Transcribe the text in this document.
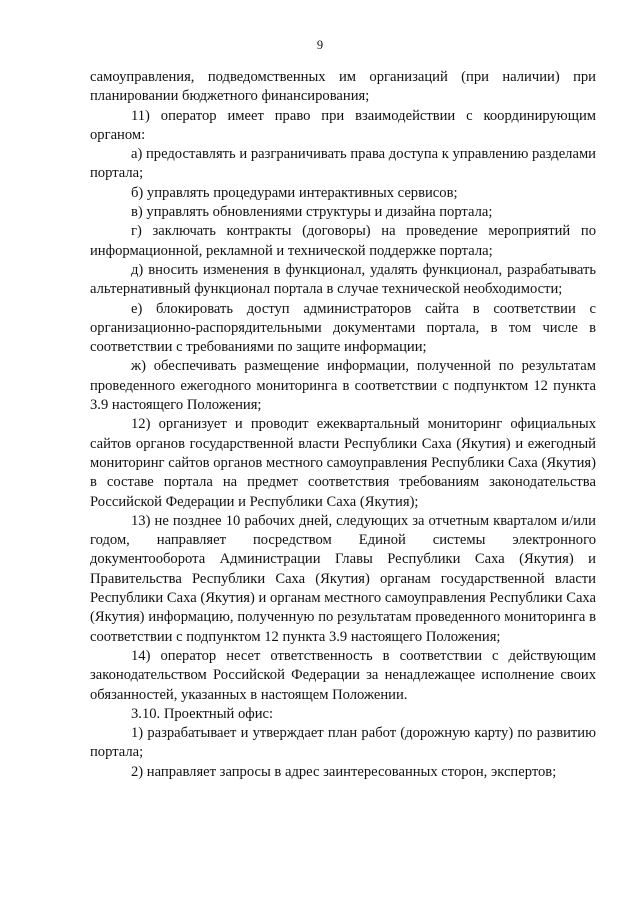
9

самоуправления, подведомственных им организаций (при наличии) при планировании бюджетного финансирования;

11) оператор имеет право при взаимодействии с координирующим органом:

а) предоставлять и разграничивать права доступа к управлению разделами портала;

б) управлять процедурами интерактивных сервисов;

в) управлять обновлениями структуры и дизайна портала;

г) заключать контракты (договоры) на проведение мероприятий по информационной, рекламной и технической поддержке портала;

д) вносить изменения в функционал, удалять функционал, разрабатывать альтернативный функционал портала в случае технической необходимости;

е) блокировать доступ администраторов сайта в соответствии с организационно-распорядительными документами портала, в том числе в соответствии с требованиями по защите информации;

ж) обеспечивать размещение информации, полученной по результатам проведенного ежегодного мониторинга в соответствии с подпунктом 12 пункта 3.9 настоящего Положения;

12) организует и проводит ежеквартальный мониторинг официальных сайтов органов государственной власти Республики Саха (Якутия) и ежегодный мониторинг сайтов органов местного самоуправления Республики Саха (Якутия) в составе портала на предмет соответствия требованиям законодательства Российской Федерации и Республики Саха (Якутия);

13) не позднее 10 рабочих дней, следующих за отчетным кварталом и/или годом, направляет посредством Единой системы электронного документооборота Администрации Главы Республики Саха (Якутия) и Правительства Республики Саха (Якутия) органам государственной власти Республики Саха (Якутия) и органам местного самоуправления Республики Саха (Якутия) информацию, полученную по результатам проведенного мониторинга в соответствии с подпунктом 12 пункта 3.9 настоящего Положения;

14) оператор несет ответственность в соответствии с действующим законодательством Российской Федерации за ненадлежащее исполнение своих обязанностей, указанных в настоящем Положении.

3.10. Проектный офис:

1) разрабатывает и утверждает план работ (дорожную карту) по развитию портала;

2) направляет запросы в адрес заинтересованных сторон, экспертов;
